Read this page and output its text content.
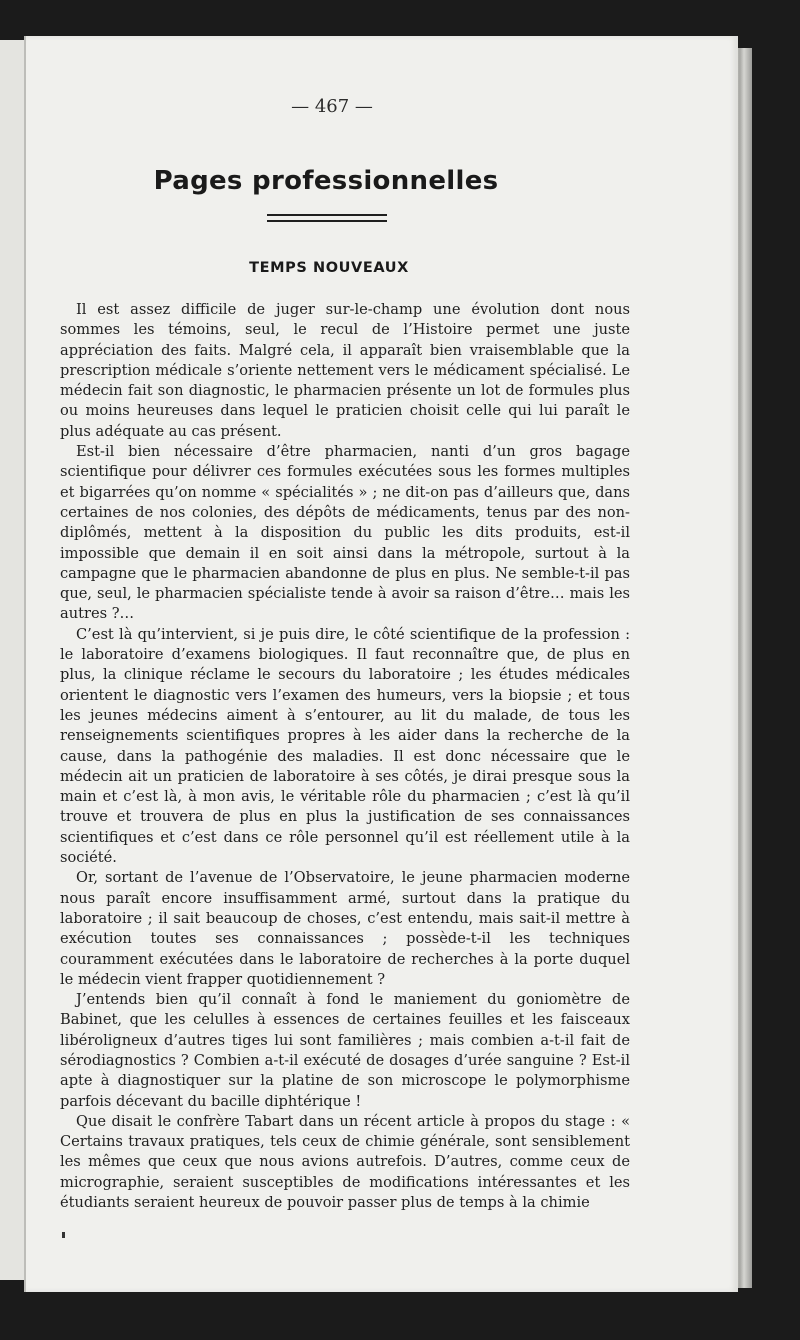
— 467 —
Pages professionnelles
TEMPS NOUVEAUX

Il est assez difficile de juger sur-le-champ une évolution dont nous sommes les témoins, seul, le recul de l’Histoire permet une juste appréciation des faits. Malgré cela, il apparaît bien vraisemblable que la prescription médicale s’oriente nettement vers le médicament spécialisé. Le médecin fait son diagnostic, le pharmacien présente un lot de formules plus ou moins heureuses dans lequel le praticien choisit celle qui lui paraît le plus adéquate au cas présent.

Est-il bien nécessaire d’être pharmacien, nanti d’un gros bagage scientifique pour délivrer ces formules exécutées sous les formes multiples et bigarrées qu’on nomme « spécialités » ; ne dit-on pas d’ailleurs que, dans certaines de nos colonies, des dépôts de médicaments, tenus par des non-diplômés, mettent à la disposition du public les dits produits, est-il impossible que demain il en soit ainsi dans la métropole, surtout à la campagne que le pharmacien abandonne de plus en plus. Ne semble-t-il pas que, seul, le pharmacien spécialiste tende à avoir sa raison d’être… mais les autres ?…

C’est là qu’intervient, si je puis dire, le côté scientifique de la profession : le laboratoire d’examens biologiques. Il faut reconnaître que, de plus en plus, la clinique réclame le secours du laboratoire ; les études médicales orientent le diagnostic vers l’examen des humeurs, vers la biopsie ; et tous les jeunes médecins aiment à s’entourer, au lit du malade, de tous les renseignements scientifiques propres à les aider dans la recherche de la cause, dans la pathogénie des maladies. Il est donc nécessaire que le médecin ait un praticien de laboratoire à ses côtés, je dirai presque sous la main et c’est là, à mon avis, le véritable rôle du pharmacien ; c’est là qu’il trouve et trouvera de plus en plus la justification de ses connaissances scientifiques et c’est dans ce rôle personnel qu’il est réellement utile à la société.

Or, sortant de l’avenue de l’Observatoire, le jeune pharmacien moderne nous paraît encore insuffisamment armé, surtout dans la pratique du laboratoire ; il sait beaucoup de choses, c’est entendu, mais sait-il mettre à exécution toutes ses connaissances ; possède-t-il les techniques couramment exécutées dans le laboratoire de recherches à la porte duquel le médecin vient frapper quotidiennement ?

J’entends bien qu’il connaît à fond le maniement du goniomètre de Babinet, que les celulles à essences de certaines feuilles et les faisceaux libéroligneux d’autres tiges lui sont familières ; mais combien a-t-il fait de sérodiagnostics ? Combien a-t-il exécuté de dosages d’urée sanguine ? Est-il apte à diagnostiquer sur la platine de son microscope le polymorphisme parfois décevant du bacille diphtérique !

Que disait le confrère Tabart dans un récent article à propos du stage : « Certains travaux pratiques, tels ceux de chimie générale, sont sensiblement les mêmes que ceux que nous avions autrefois. D’autres, comme ceux de micrographie, seraient susceptibles de modifications intéressantes et les étudiants seraient heureux de pouvoir passer plus de temps à la chimie
